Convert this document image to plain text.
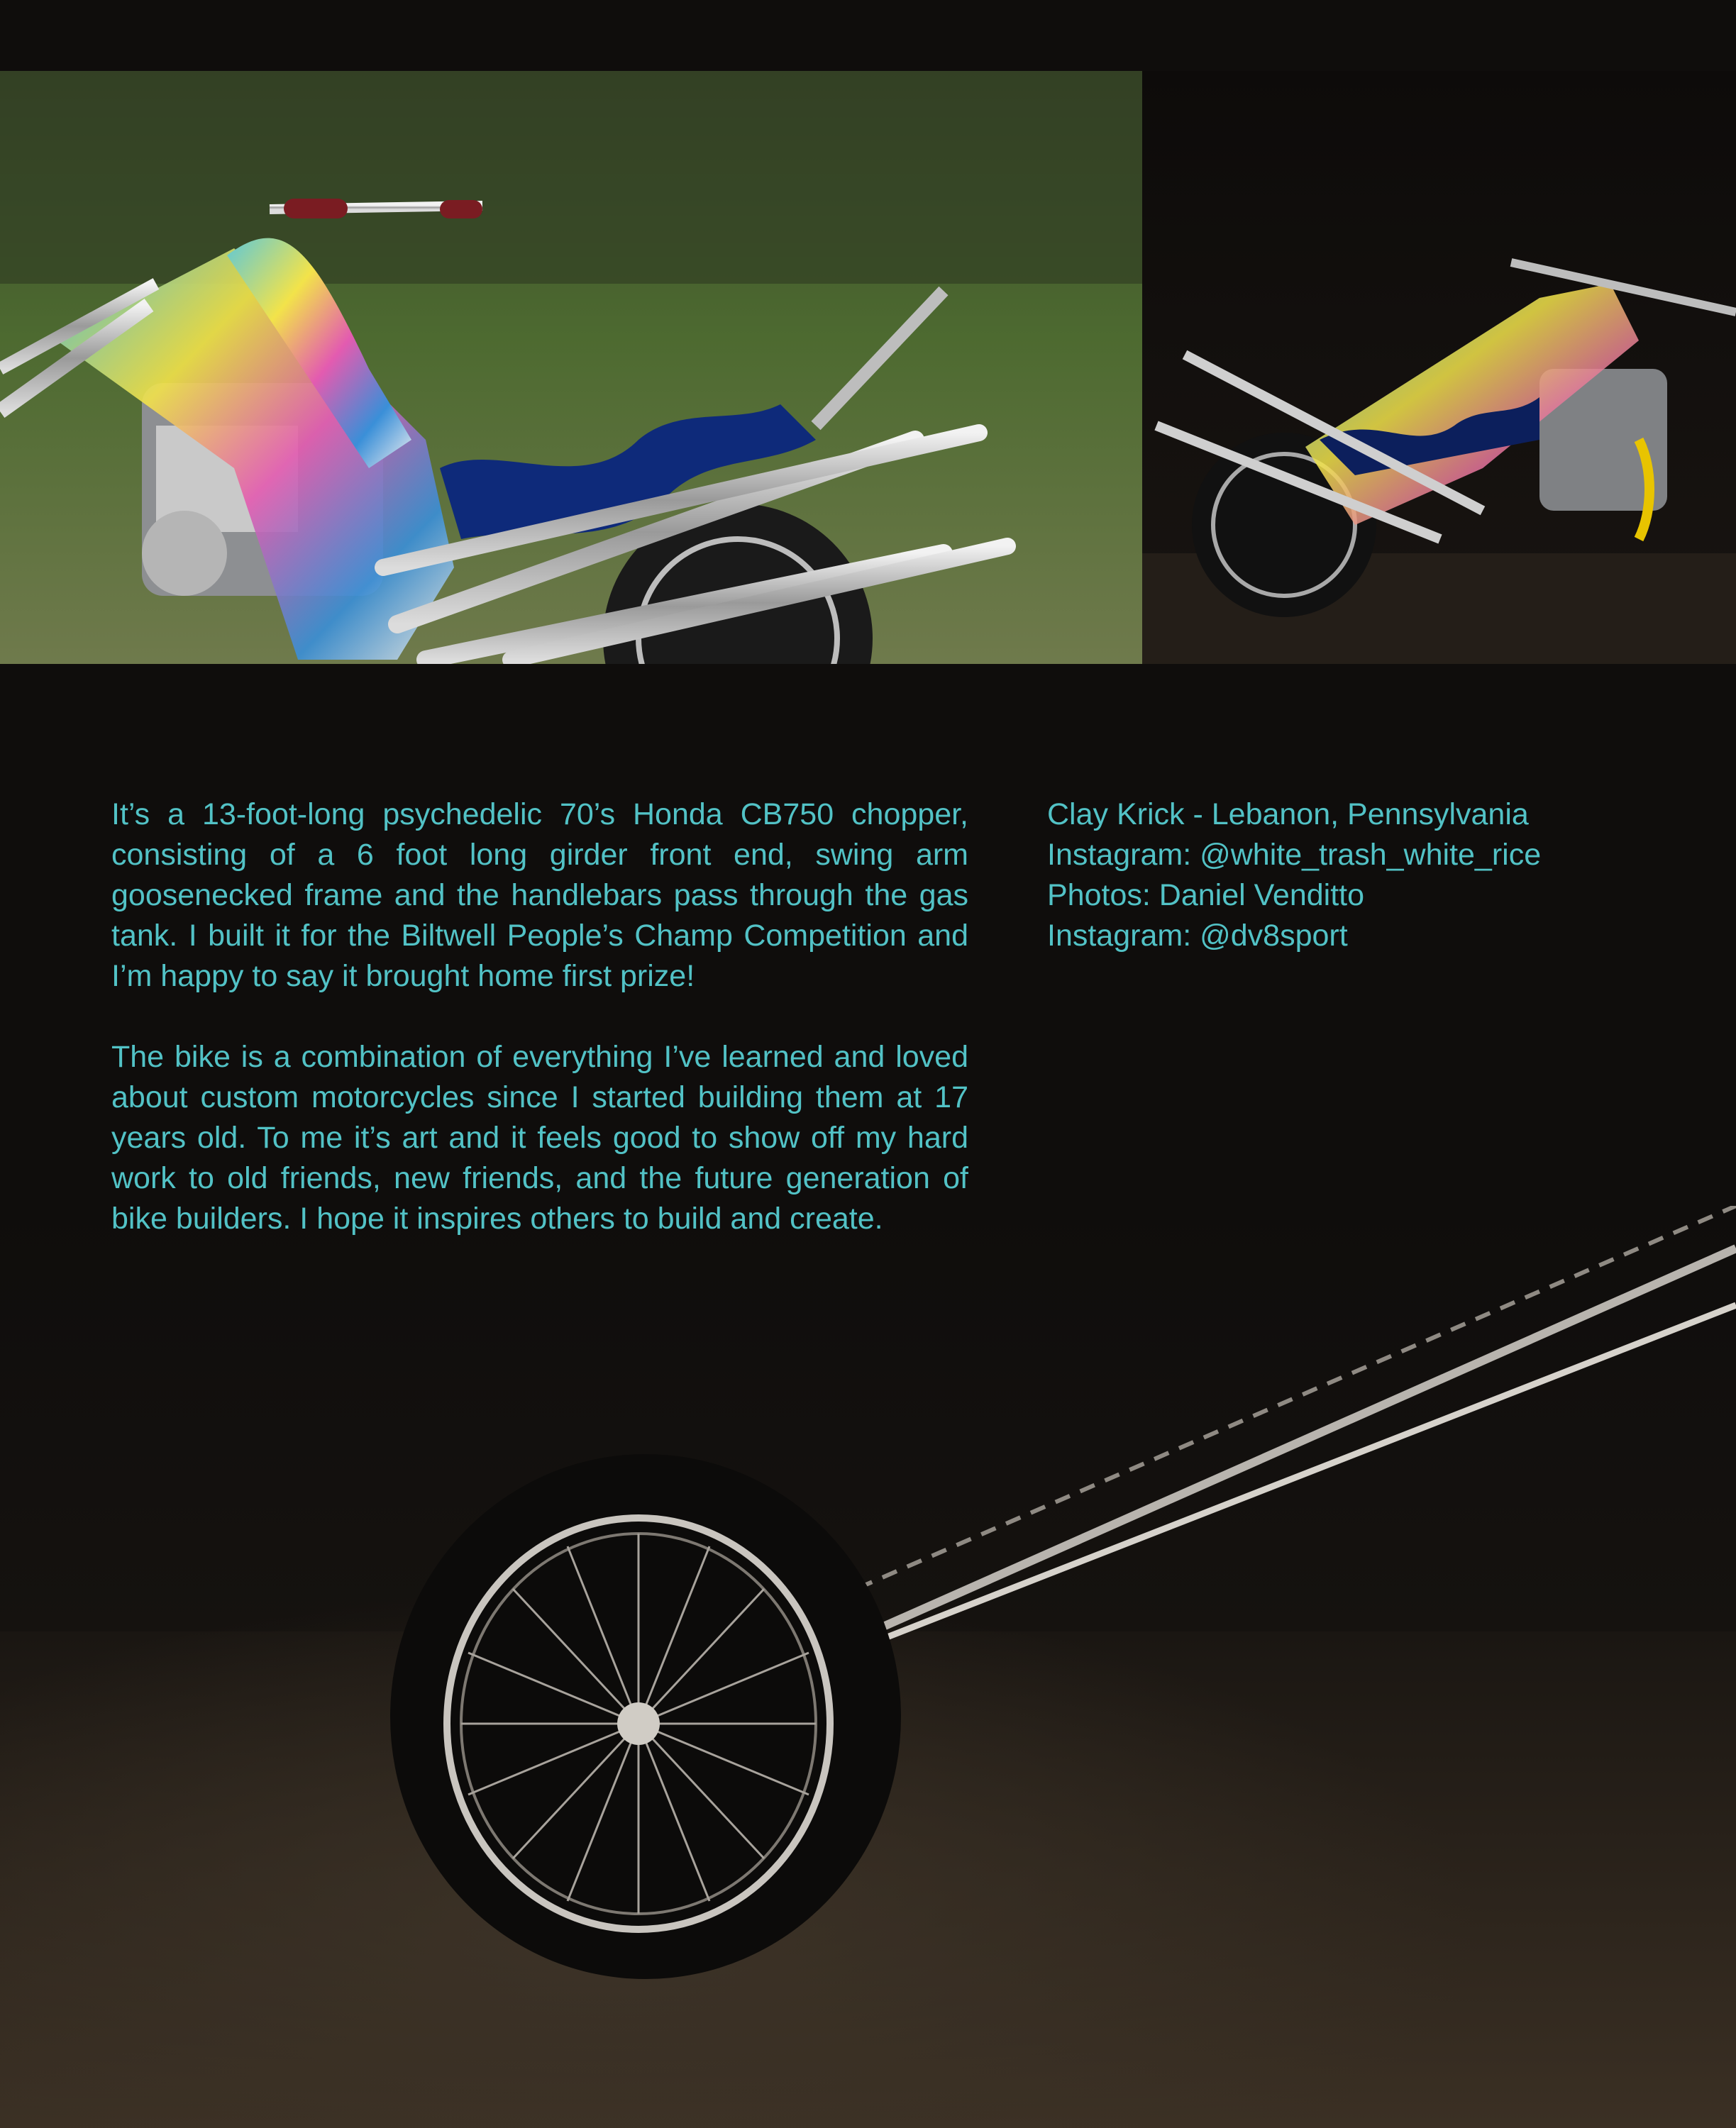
It’s a 13-foot-long psychedelic 70’s Honda CB750 chopper, consisting of a 6 foot long girder front end, swing arm goosenecked frame and the handlebars pass through the gas tank. I built it for the Biltwell People’s Champ Competition and I’m happy to say it brought home first prize!

The bike is a combination of everything I’ve learned and loved about custom motorcycles since I started building them at 17 years old. To me it’s art and it feels good to show off my hard work to old friends, new friends, and the future generation of bike builders. I hope it inspires others to build and create.

Clay Krick - Lebanon, Pennsylvania
Instagram: @white_trash_white_rice
Photos: Daniel Venditto
Instagram: @dv8sport
